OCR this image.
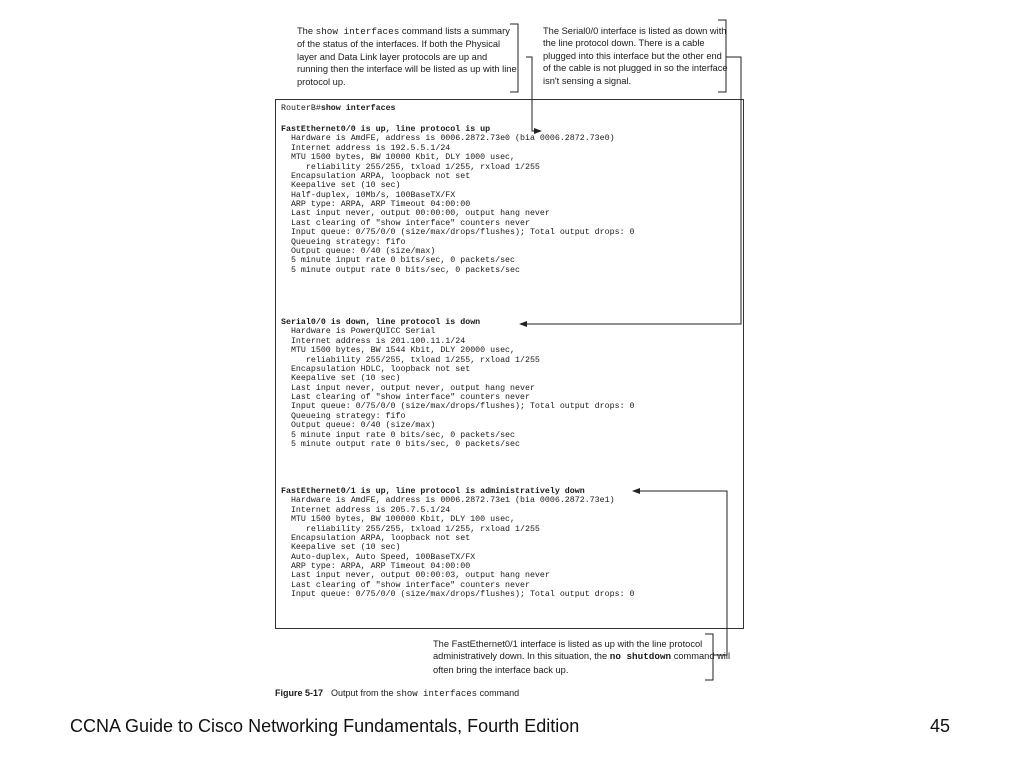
The show interfaces command lists a summary of the status of the interfaces. If both the Physical layer and Data Link layer protocols are up and running then the interface will be listed as up with line protocol up.
The Serial0/0 interface is listed as down with the line protocol down. There is a cable plugged into this interface but the other end of the cable is not plugged in so the interface isn't sensing a signal.
RouterB#show interfaces
FastEthernet0/0 is up, line protocol is up
Hardware is AmdFE, address is 0006.2872.73e0 (bia 0006.2872.73e0)
Internet address is 192.5.5.1/24
MTU 1500 bytes, BW 10000 Kbit, DLY 1000 usec,
reliability 255/255, txload 1/255, rxload 1/255
Encapsulation ARPA, loopback not set
Keepalive set (10 sec)
Half-duplex, 10Mb/s, 100BaseTX/FX
ARP type: ARPA, ARP Timeout 04:00:00
Last input never, output 00:00:00, output hang never
Last clearing of "show interface" counters never
Input queue: 0/75/0/0 (size/max/drops/flushes); Total output drops: 0
Queueing strategy: fifo
Output queue: 0/40 (size/max)
5 minute input rate 0 bits/sec, 0 packets/sec
5 minute output rate 0 bits/sec, 0 packets/sec
Serial0/0 is down, line protocol is down
Hardware is PowerQUICC Serial
Internet address is 201.100.11.1/24
MTU 1500 bytes, BW 1544 Kbit, DLY 20000 usec,
reliability 255/255, txload 1/255, rxload 1/255
Encapsulation HDLC, loopback not set
Keepalive set (10 sec)
Last input never, output never, output hang never
Last clearing of "show interface" counters never
Input queue: 0/75/0/0 (size/max/drops/flushes); Total output drops: 0
Queueing strategy: fifo
Output queue: 0/40 (size/max)
5 minute input rate 0 bits/sec, 0 packets/sec
5 minute output rate 0 bits/sec, 0 packets/sec
FastEthernet0/1 is up, line protocol is administratively down
Hardware is AmdFE, address is 0006.2872.73e1 (bia 0006.2872.73e1)
Internet address is 205.7.5.1/24
MTU 1500 bytes, BW 100000 Kbit, DLY 100 usec,
reliability 255/255, txload 1/255, rxload 1/255
Encapsulation ARPA, loopback not set
Keepalive set (10 sec)
Auto-duplex, Auto Speed, 100BaseTX/FX
ARP type: ARPA, ARP Timeout 04:00:00
Last input never, output 00:00:03, output hang never
Last clearing of "show interface" counters never
Input queue: 0/75/0/0 (size/max/drops/flushes); Total output drops: 0
The FastEthernet0/1 interface is listed as up with the line protocol administratively down. In this situation, the no shutdown command will often bring the interface back up.
Figure 5-17 Output from the show interfaces command
CCNA Guide to Cisco Networking Fundamentals, Fourth Edition	45
